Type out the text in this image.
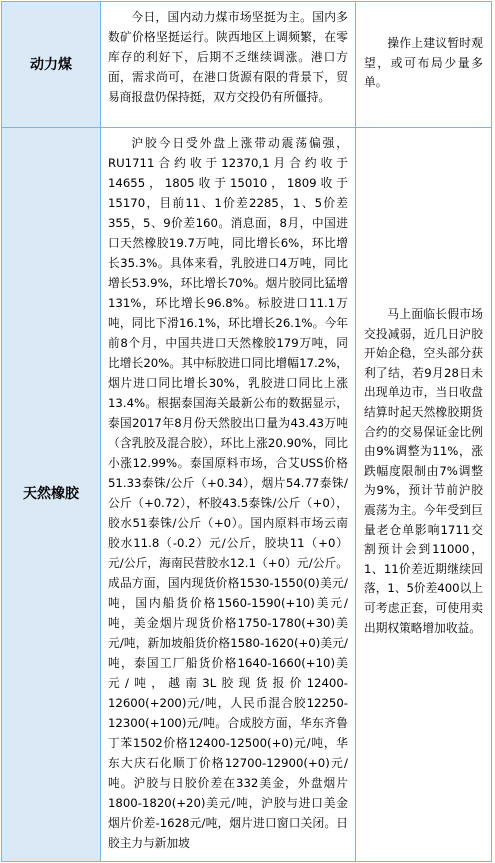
动力煤

今日，国内动力煤市场坚挺为主。国内多数矿价格坚挺运行。陕西地区上调频繁，在零库存的利好下，后期不乏继续调涨。港口方面，需求尚可，在港口货源有限的背景下，贸易商报盘仍保持挺，双方交投仍有所僵持。

操作上建议暂时观望，或可布局少量多单。

天然橡胶

沪胶今日受外盘上涨带动震荡偏强，RU1711合约收于12370,1月合约收于14655，1805收于15010，1809收于15170，目前11、1价差2285，1、5价差355，5、9价差160。消息面，8月，中国进口天然橡胶19.7万吨，同比增长6%，环比增长35.3%。具体来看，乳胶进口4万吨，同比增长53.9%，环比增长70%。烟片胶同比猛增131%，环比增长96.8%。标胶进口11.1万吨，同比下滑16.1%，环比增长26.1%。今年前8个月，中国共进口天然橡胶179万吨，同比增长20%。其中标胶进口同比增幅17.2%，烟片进口同比增长30%，乳胶进口同比上涨13.4%。根据泰国海关最新公布的数据显示，泰国2017年8月份天然胶出口量为43.43万吨（含乳胶及混合胶），环比上涨20.90%，同比小涨12.99%。泰国原料市场，合艾USS价格51.33泰铢/公斤（+0.34），烟片54.77泰铢/公斤（+0.72），杯胶43.5泰铢/公斤（+0），胶水51泰铢/公斤（+0）。国内原料市场云南胶水11.8（-0.2）元/公斤，胶块11（+0）元/公斤，海南民营胶水12.1（+0）元/公斤。成品方面，国内现货价格1530-1550(0)美元/吨，国内船货价格1560-1590(+10)美元/吨，美金烟片现货价格1750-1780(+30)美元/吨，新加坡船货价格1580-1620(+0)美元/吨，泰国工厂船货价格1640-1660(+10)美元/吨，越南3L胶现货报价12400-12600(+200)元/吨，人民币混合胶12250-12300(+100)元/吨。合成胶方面，华东齐鲁丁苯1502价格12400-12500(+0)元/吨，华东大庆石化顺丁价格12700-12900(+0)元/吨。沪胶与日胶价差在332美金，外盘烟片1800-1820(+20)美元/吨，沪胶与进口美金烟片价差-1628元/吨，烟片进口窗口关闭。日胶主力与新加坡

马上面临长假市场交投减弱，近几日沪胶开始企稳，空头部分获利了结，若9月28日未出现单边市，当日收盘结算时起天然橡胶期货合约的交易保证金比例由9%调整为11%，涨跌幅度限制由7%调整为9%，预计节前沪胶震荡为主。今年受到巨量老仓单影响1711交割预计会到11000，1、11价差近期继续回落，1、5价差400以上可考虑正套，可使用卖出期权策略增加收益。
